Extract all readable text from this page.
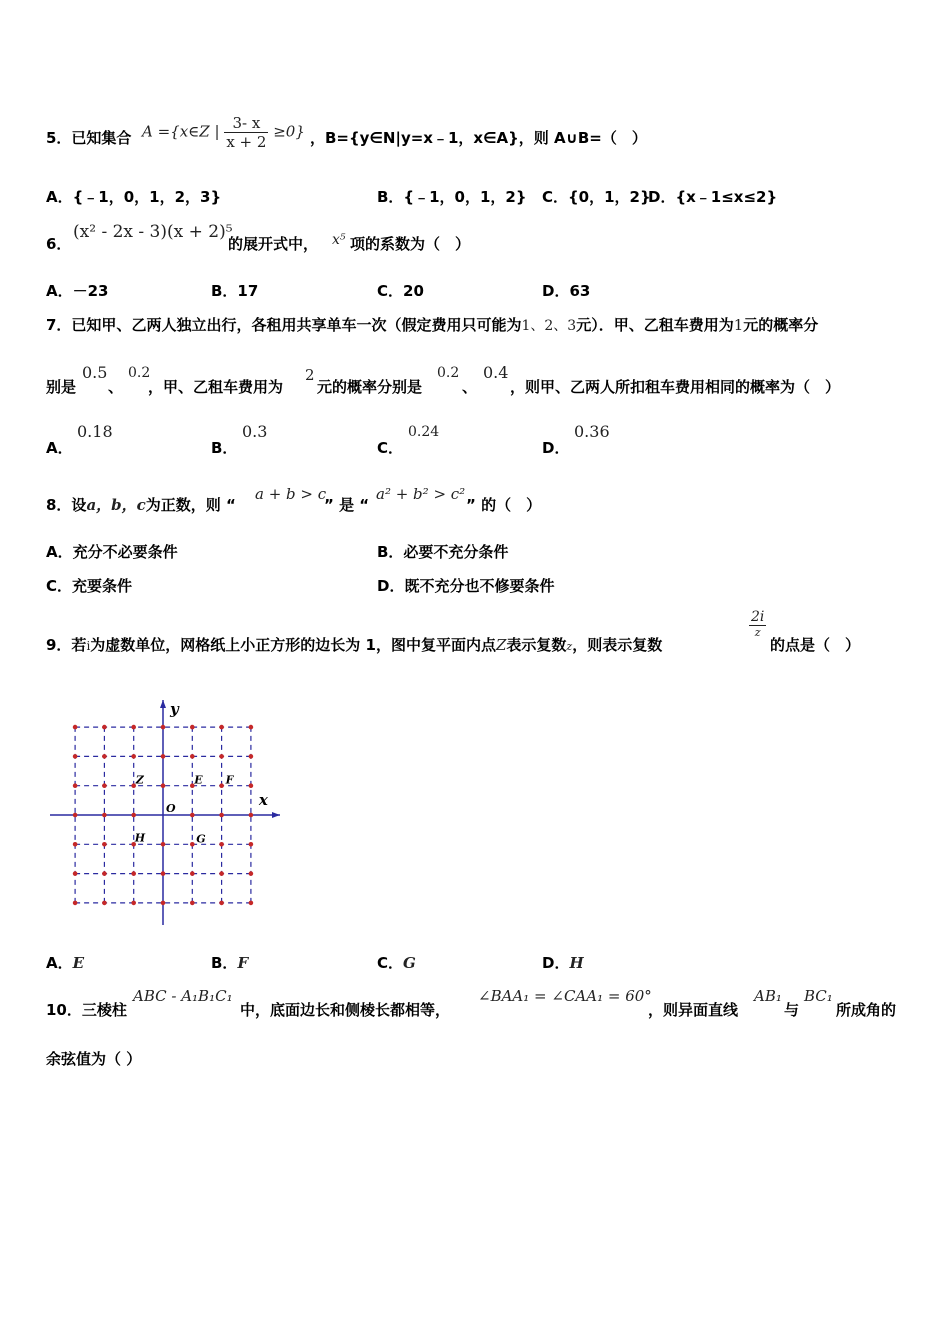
5．已知集合 A ={x∈Z | $\frac{3- x}{x + 2} \ge 0$} ，B={y∈N|y=x﹣1，x∈A}，则 A∪B=（　）
A．{﹣1，0，1，2，3}	B．{﹣1，0，1，2} C．{0，1，2}
D．{x﹣1≤x≤2}
6．
(x² - 2x - 3)(x + 2)⁵
的展开式中， x⁵ 项的系数为（　）
A．－23	B．17	C．20	D．63
7．已知甲、乙两人独立出行，各租用共享单车一次（假定费用只可能为1、2、3元）．甲、乙租车费用为1元的概率分
别是
0.5
、
0.2
，甲、乙租车费用为
2
元的概率分别是
0.2
、
0.4
，则甲、乙两人所扣租车费用相同的概率为（　）
A．
0.18
B．
0.3
C．
0.24
D．
0.36
8．设a，b，c为正数，则 “
a + b > c
” 是 “
a² + b² > c²
” 的（　）
A．充分不必要条件	B．必要不充分条件
C．充要条件	D．既不充分也不修要条件
9．若i为虚数单位，网格纸上小正方形的边长为 1，图中复平面内点Z表示复数z，则表示复数
$\frac{2i}{z}$
的点是（　）
x
y
O
Z	E F
H	G
A．E	B．F	C．G	D．H
10．三棱柱
ABC - A₁B₁C₁
中，底面边长和侧棱长都相等，
∠BAA₁ = ∠CAA₁ = 60°
，则异面直线
AB₁
与
BC₁
所成角的
余弦值为（ ）
